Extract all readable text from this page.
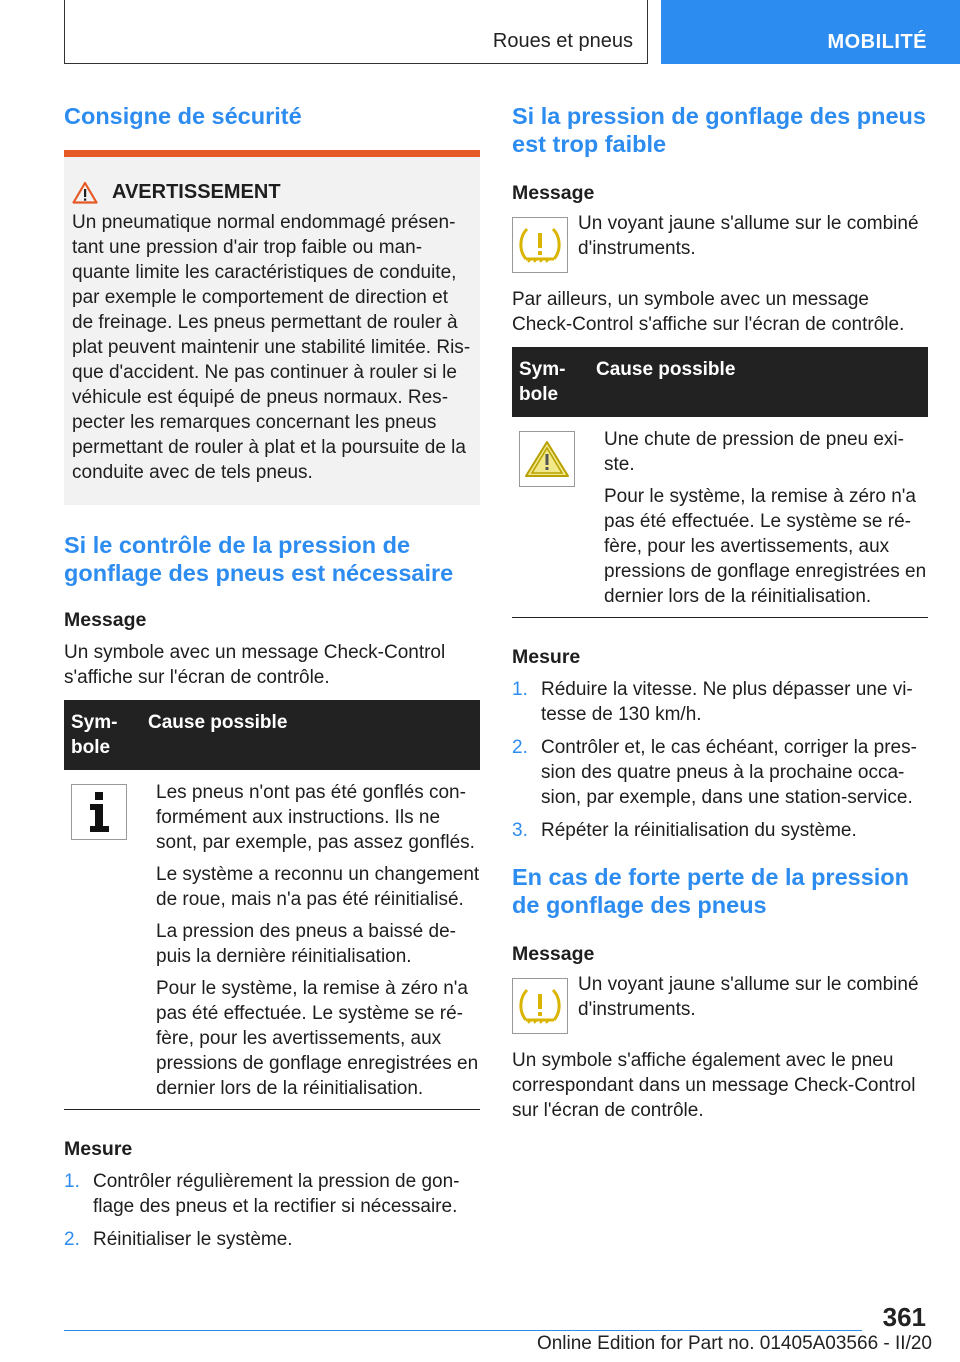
Roues et pneus	MOBILITÉ
Consigne de sécurité
AVERTISSEMENT

Un pneumatique normal endommagé présentant une pression d'air trop faible ou manquante limite les caractéristiques de conduite, par exemple le comportement de direction et de freinage. Les pneus permettant de rouler à plat peuvent maintenir une stabilité limitée. Risque d'accident. Ne pas continuer à rouler si le véhicule est équipé de pneus normaux. Respecter les remarques concernant les pneus permettant de rouler à plat et la poursuite de la conduite avec de tels pneus.

Si le contrôle de la pression de gonflage des pneus est nécessaire
Message

Un symbole avec un message Check-Control s'affiche sur l'écran de contrôle.

Symbole
Cause possible

Les pneus n'ont pas été gonflés conformément aux instructions. Ils ne sont, par exemple, pas assez gonflés.

Le système a reconnu un changement de roue, mais n'a pas été réinitialisé.

La pression des pneus a baissé depuis la dernière réinitialisation.

Pour le système, la remise à zéro n'a pas été effectuée. Le système se réfère, pour les avertissements, aux pressions de gonflage enregistrées en dernier lors de la réinitialisation.

Mesure
1. Contrôler régulièrement la pression de gonflage des pneus et la rectifier si nécessaire.
2. Réinitialiser le système.
Si la pression de gonflage des pneus est trop faible
Message

Un voyant jaune s'allume sur le combiné d'instruments.

Par ailleurs, un symbole avec un message Check-Control s'affiche sur l'écran de contrôle.

Symbole
Cause possible

Une chute de pression de pneu existe.

Pour le système, la remise à zéro n'a pas été effectuée. Le système se réfère, pour les avertissements, aux pressions de gonflage enregistrées en dernier lors de la réinitialisation.

Mesure
1. Réduire la vitesse. Ne plus dépasser une vitesse de 130 km/h.
2. Contrôler et, le cas échéant, corriger la pression des quatre pneus à la prochaine occasion, par exemple, dans une station-service.
3. Répéter la réinitialisation du système.
En cas de forte perte de la pression de gonflage des pneus
Message

Un voyant jaune s'allume sur le combiné d'instruments.

Un symbole s'affiche également avec le pneu correspondant dans un message Check-Control sur l'écran de contrôle.

361
Online Edition for Part no. 01405A03566 - II/20
